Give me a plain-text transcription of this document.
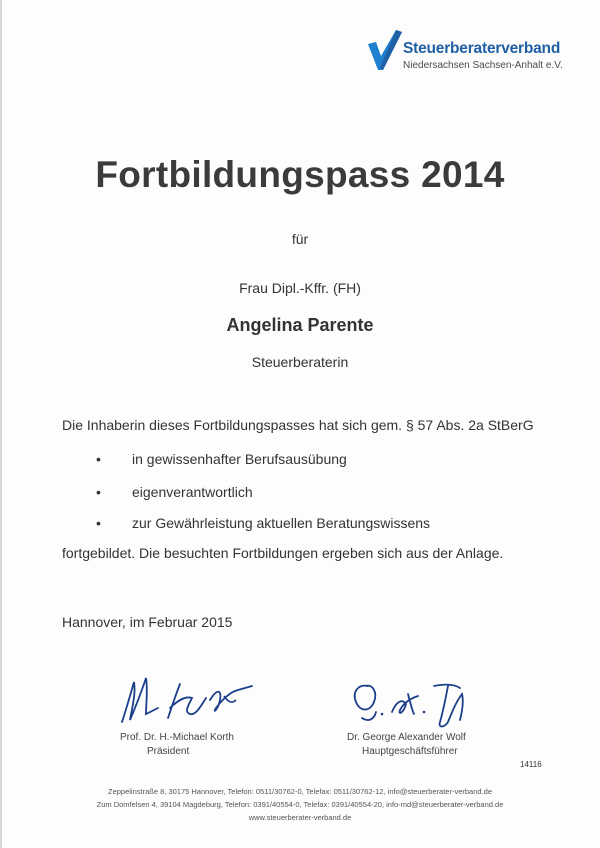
Steuerberaterverband
Niedersachsen Sachsen-Anhalt e.V.
Fortbildungspass 2014
für
Frau Dipl.-Kffr. (FH)
Angelina Parente
Steuerberaterin
Die Inhaberin dieses Fortbildungspasses hat sich gem. § 57 Abs. 2a StBerG
• in gewissenhafter Berufsausübung
• eigenverantwortlich
• zur Gewährleistung aktuellen Beratungswissens
fortgebildet. Die besuchten Fortbildungen ergeben sich aus der Anlage.
Hannover, im Februar 2015
Prof. Dr. H.-Michael Korth
Präsident
Dr. George Alexander Wolf
Hauptgeschäftsführer
14116
Zeppelinstraße 8, 30175 Hannover, Telefon: 0511/30762-0, Telefax: 0511/30762-12, info@steuerberater-verband.de
Zum Domfelsen 4, 39104 Magdeburg, Telefon: 0391/40554-0, Telefax: 0391/40554-20, info-md@steuerberater-verband.de
www.steuerberater-verband.de
